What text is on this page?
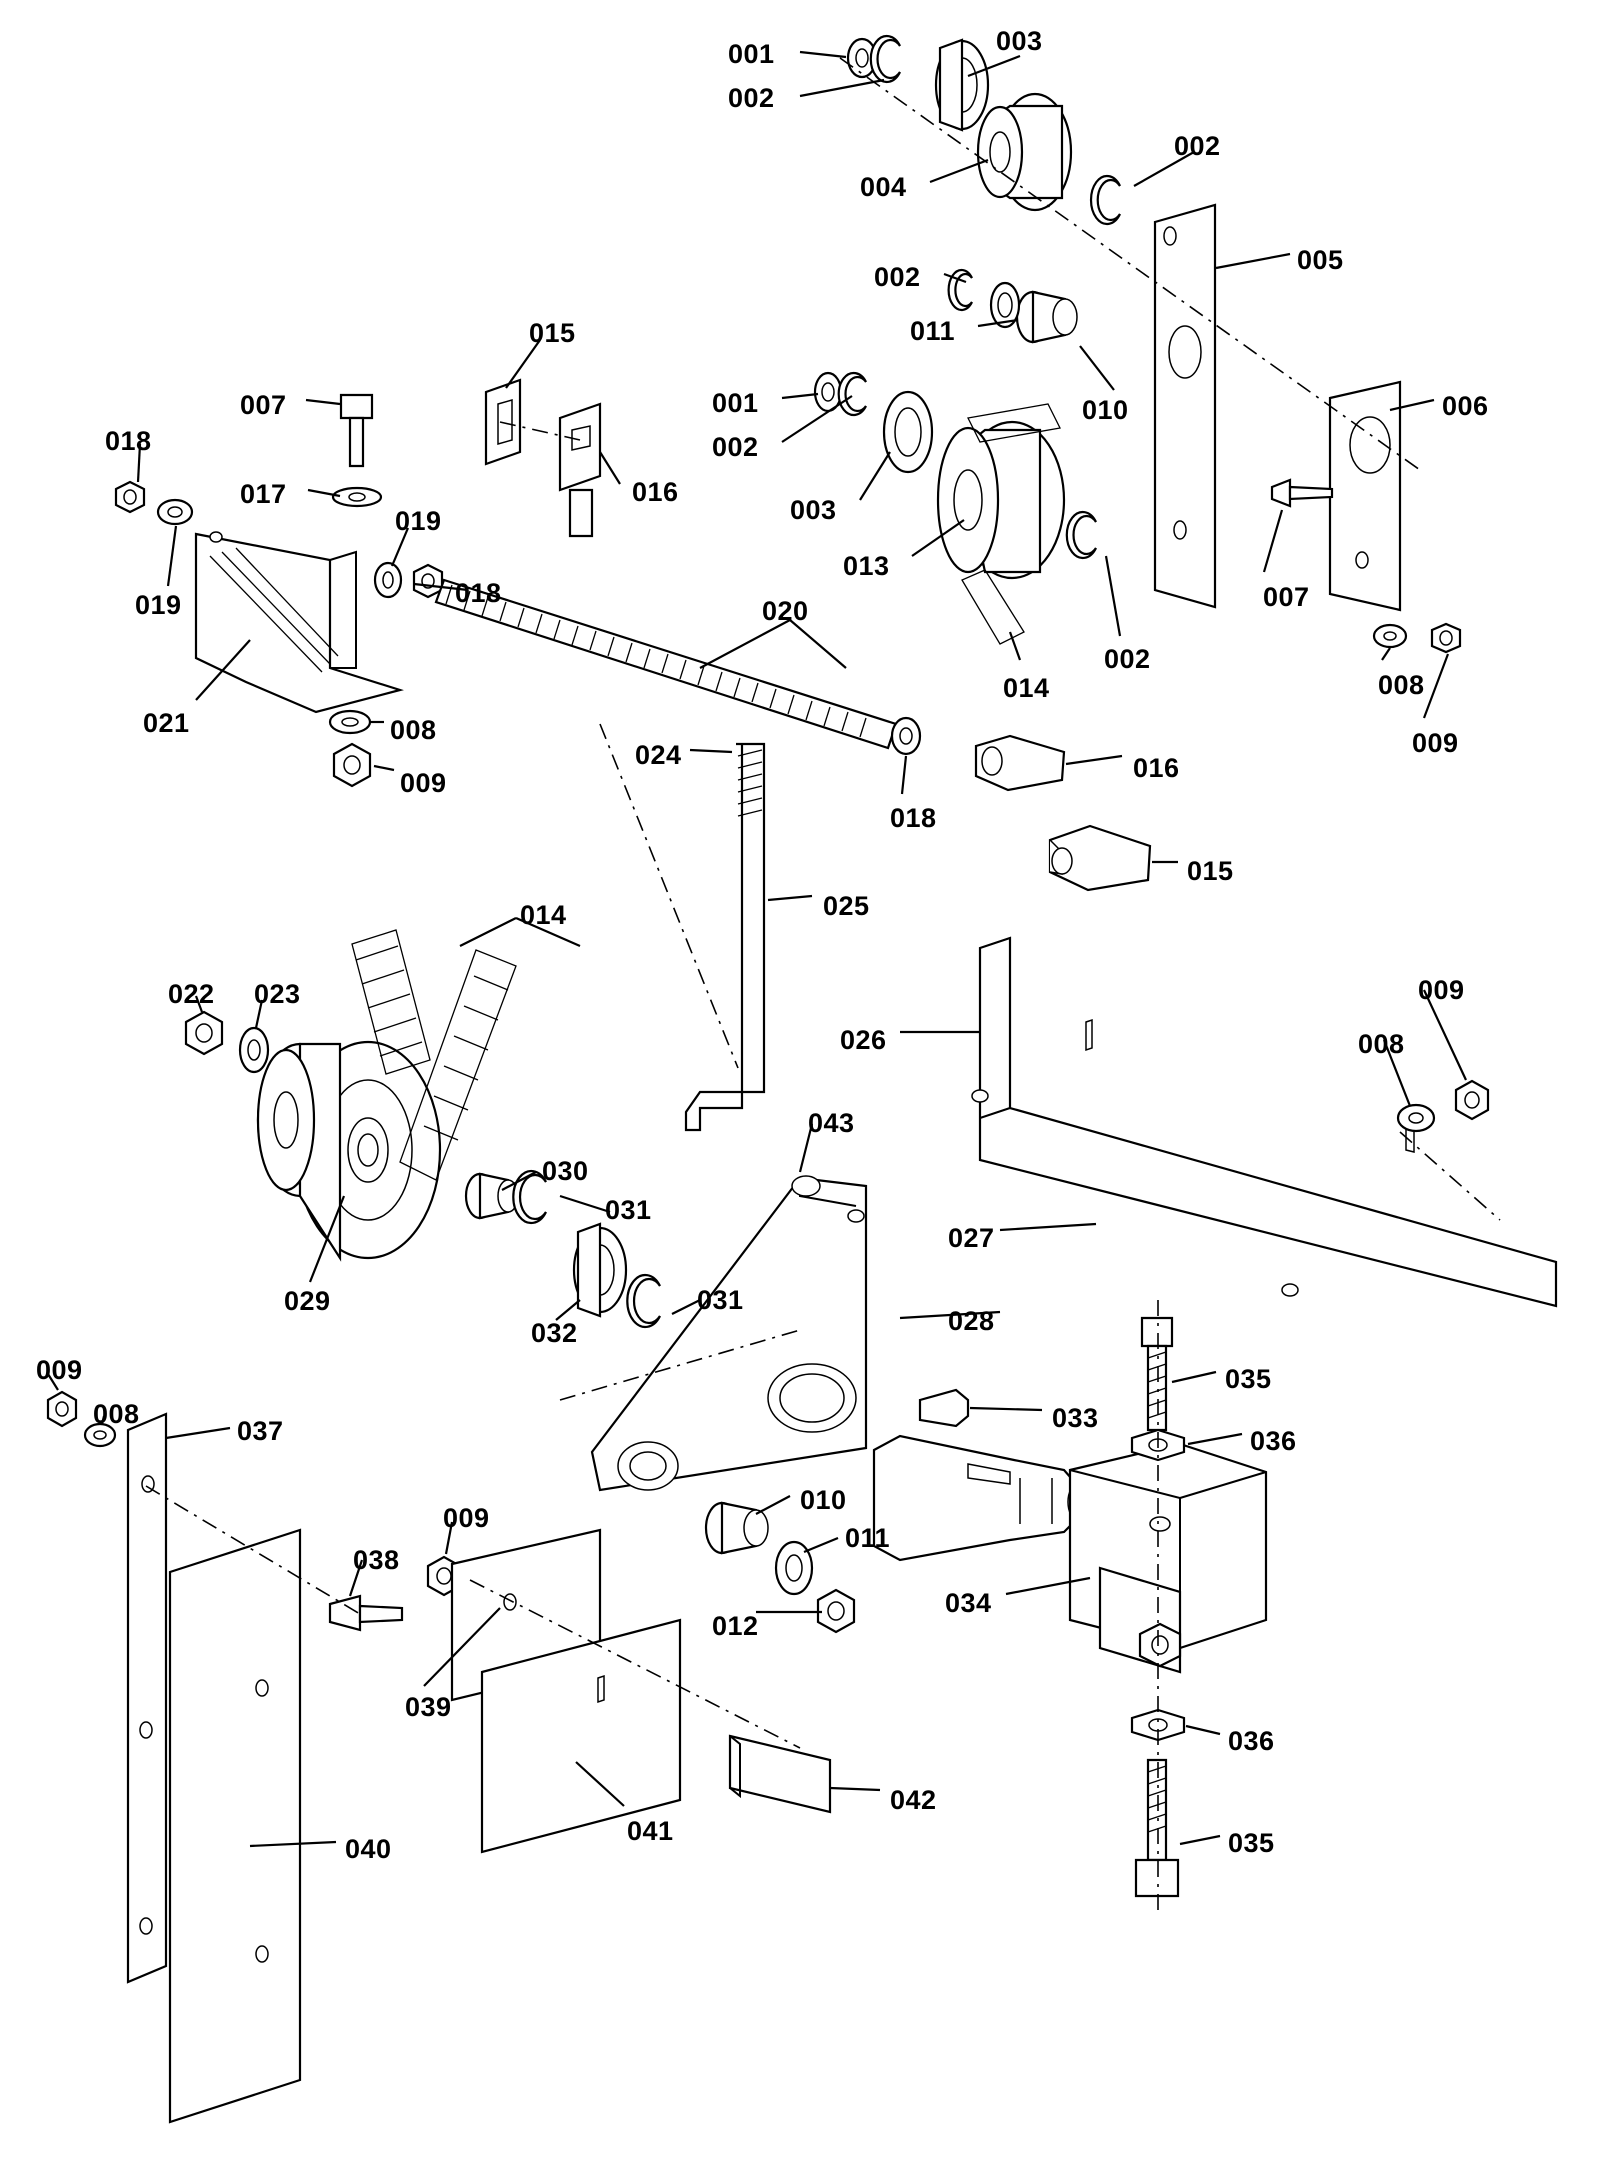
001	003
002
004
002
005
002
011
010	006
015
007
018
017
019
016
001
002
003
013
018
019
021
020
014
002
007
008
009
008
009
024
018
016
015
025
014
022 023
026
009
008
030
031
043
027
029
032
031
028
035
033
036
009
008
037
038
009
010
011
012
034
039
036
042
041	035
040
